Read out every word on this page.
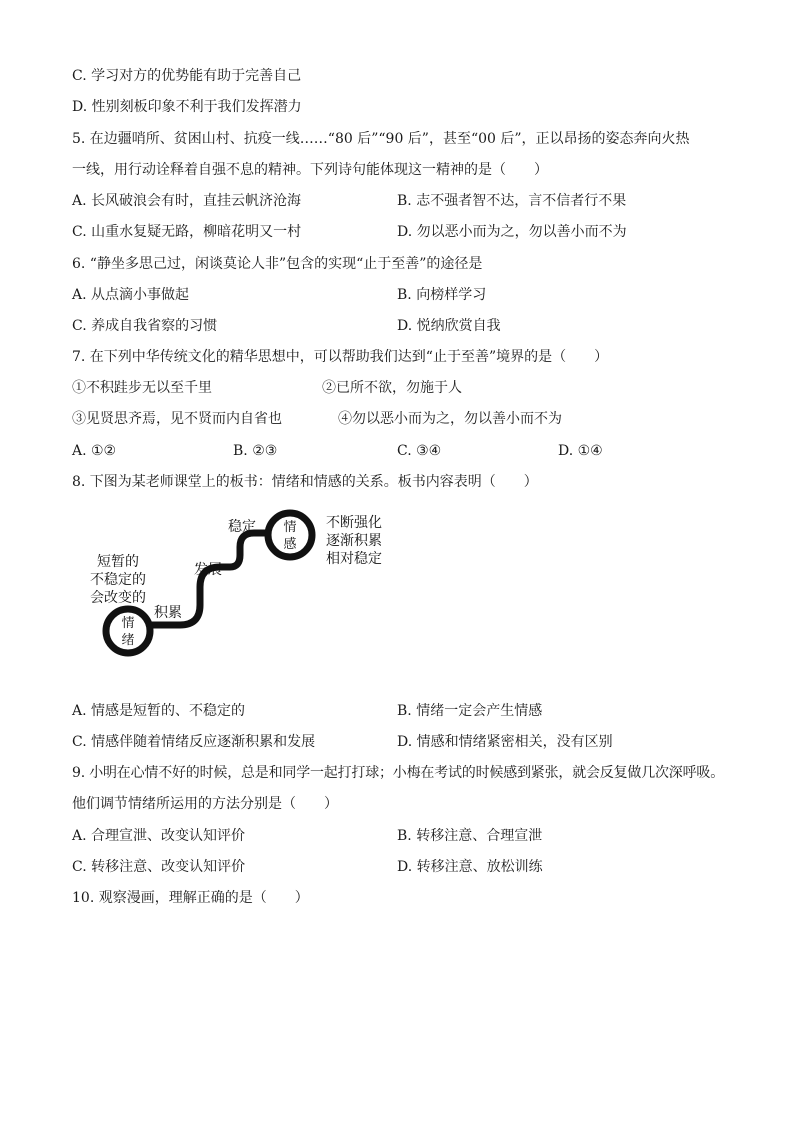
C. 学习对方的优势能有助于完善自己
D. 性别刻板印象不利于我们发挥潜力
5. 在边疆哨所、贫困山村、抗疫一线……“80 后”“90 后”，甚至“00 后”，正以昂扬的姿态奔向火热
一线，用行动诠释着自强不息的精神。下列诗句能体现这一精神的是（　　）
A. 长风破浪会有时，直挂云帆济沧海	B. 志不强者智不达，言不信者行不果
C. 山重水复疑无路，柳暗花明又一村	D. 勿以恶小而为之，勿以善小而不为
6. “静坐多思己过，闲谈莫论人非”包含的实现“止于至善”的途径是
A. 从点滴小事做起	B. 向榜样学习
C. 养成自我省察的习惯	D. 悦纳欣赏自我
7. 在下列中华传统文化的精华思想中，可以帮助我们达到“止于至善”境界的是（　　）
①不积跬步无以至千里	②已所不欲，勿施于人
③见贤思齐焉，见不贤而内自省也	④勿以恶小而为之，勿以善小而不为
A. ①②	B. ②③	C. ③④	D. ①④
8. 下图为某老师课堂上的板书：情绪和情感的关系。板书内容表明（　　）
情
绪
情
感
短暂的
不稳定的
会改变的
积累
发展
稳定	不断强化
逐渐积累
相对稳定
A. 情感是短暂的、不稳定的	B. 情绪一定会产生情感
C. 情感伴随着情绪反应逐渐积累和发展	D. 情感和情绪紧密相关，没有区别
9. 小明在心情不好的时候，总是和同学一起打打球；小梅在考试的时候感到紧张，就会反复做几次深呼吸。
他们调节情绪所运用的方法分别是（　　）
A. 合理宣泄、改变认知评价	B. 转移注意、合理宣泄
C. 转移注意、改变认知评价	D. 转移注意、放松训练
10. 观察漫画，理解正确的是（　　）
